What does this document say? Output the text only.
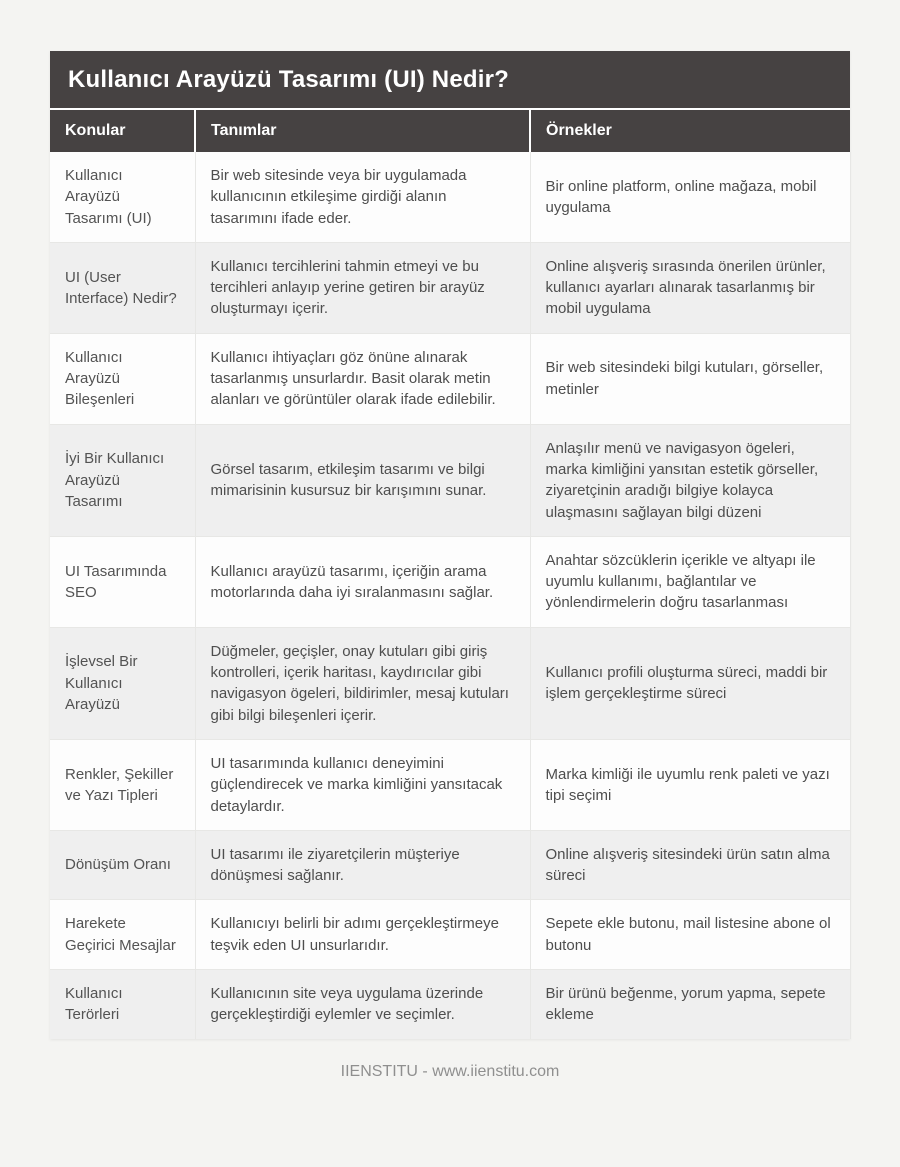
Kullanıcı Arayüzü Tasarımı (UI) Nedir?
Konular	Tanımlar	Örnekler
Kullanıcı Arayüzü Tasarımı (UI)	Bir web sitesinde veya bir uygulamada kullanıcının etkileşime girdiği alanın tasarımını ifade eder.	Bir online platform, online mağaza, mobil uygulama
UI (User Interface) Nedir?	Kullanıcı tercihlerini tahmin etmeyi ve bu tercihleri anlayıp yerine getiren bir arayüz oluşturmayı içerir.	Online alışveriş sırasında önerilen ürünler, kullanıcı ayarları alınarak tasarlanmış bir mobil uygulama
Kullanıcı Arayüzü Bileşenleri	Kullanıcı ihtiyaçları göz önüne alınarak tasarlanmış unsurlardır. Basit olarak metin alanları ve görüntüler olarak ifade edilebilir.	Bir web sitesindeki bilgi kutuları, görseller, metinler
İyi Bir Kullanıcı Arayüzü Tasarımı	Görsel tasarım, etkileşim tasarımı ve bilgi mimarisinin kusursuz bir karışımını sunar.	Anlaşılır menü ve navigasyon ögeleri, marka kimliğini yansıtan estetik görseller, ziyaretçinin aradığı bilgiye kolayca ulaşmasını sağlayan bilgi düzeni
UI Tasarımında SEO	Kullanıcı arayüzü tasarımı, içeriğin arama motorlarında daha iyi sıralanmasını sağlar.	Anahtar sözcüklerin içerikle ve altyapı ile uyumlu kullanımı, bağlantılar ve yönlendirmelerin doğru tasarlanması
İşlevsel Bir Kullanıcı Arayüzü	Düğmeler, geçişler, onay kutuları gibi giriş kontrolleri, içerik haritası, kaydırıcılar gibi navigasyon ögeleri, bildirimler, mesaj kutuları gibi bilgi bileşenleri içerir.	Kullanıcı profili oluşturma süreci, maddi bir işlem gerçekleştirme süreci
Renkler, Şekiller ve Yazı Tipleri	UI tasarımında kullanıcı deneyimini güçlendirecek ve marka kimliğini yansıtacak detaylardır.	Marka kimliği ile uyumlu renk paleti ve yazı tipi seçimi
Dönüşüm Oranı	UI tasarımı ile ziyaretçilerin müşteriye dönüşmesi sağlanır.	Online alışveriş sitesindeki ürün satın alma süreci
Harekete Geçirici Mesajlar	Kullanıcıyı belirli bir adımı gerçekleştirmeye teşvik eden UI unsurlarıdır.	Sepete ekle butonu, mail listesine abone ol butonu
Kullanıcı Terörleri	Kullanıcının site veya uygulama üzerinde gerçekleştirdiği eylemler ve seçimler.	Bir ürünü beğenme, yorum yapma, sepete ekleme
IIENSTITU - www.iienstitu.com
